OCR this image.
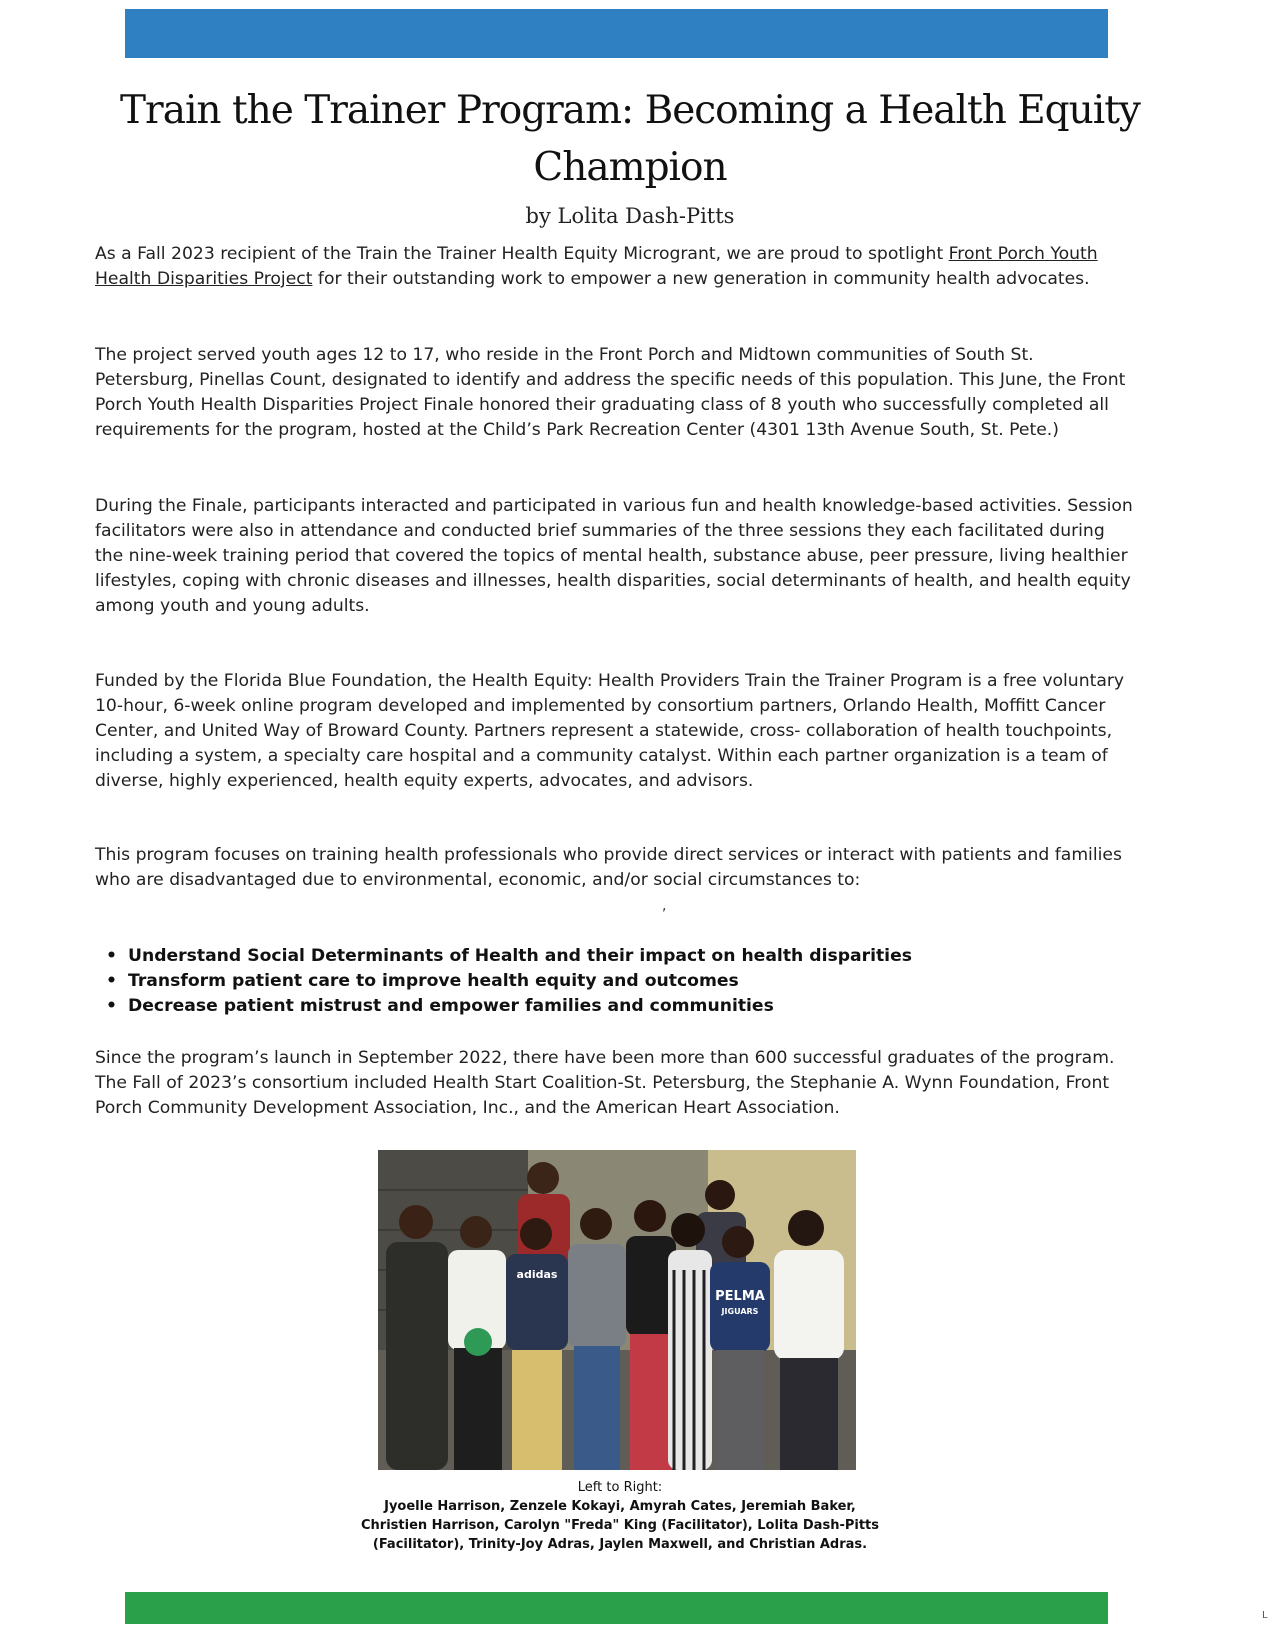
Train the Trainer Program: Becoming a Health Equity Champion
by Lolita Dash-Pitts

As a Fall 2023 recipient of the Train the Trainer Health Equity Microgrant, we are proud to spotlight Front Porch Youth Health Disparities Project for their outstanding work to empower a new generation in community health advocates.

The project served youth ages 12 to 17, who reside in the Front Porch and Midtown communities of South St. Petersburg, Pinellas Count, designated to identify and address the specific needs of this population. This June, the Front Porch Youth Health Disparities Project Finale honored their graduating class of 8 youth who successfully completed all requirements for the program, hosted at the Child’s Park Recreation Center (4301 13th Avenue South, St. Pete.)

During the Finale, participants interacted and participated in various fun and health knowledge-based activities. Session facilitators were also in attendance and conducted brief summaries of the three sessions they each facilitated during the nine-week training period that covered the topics of mental health, substance abuse, peer pressure, living healthier lifestyles, coping with chronic diseases and illnesses, health disparities, social determinants of health, and health equity among youth and young adults.

Funded by the Florida Blue Foundation, the Health Equity: Health Providers Train the Trainer Program is a free voluntary 10-hour, 6-week online program developed and implemented by consortium partners, Orlando Health, Moffitt Cancer Center, and United Way of Broward County. Partners represent a statewide, cross- collaboration of health touchpoints, including a system, a specialty care hospital and a community catalyst. Within each partner organization is a team of diverse, highly experienced, health equity experts, advocates, and advisors.

This program focuses on training health professionals who provide direct services or interact with patients and families who are disadvantaged due to environmental, economic, and/or social circumstances to:

,
• Understand Social Determinants of Health and their impact on health disparities
• Transform patient care to improve health equity and outcomes
• Decrease patient mistrust and empower families and communities

Since the program’s launch in September 2022, there have been more than 600 successful graduates of the program. The Fall of 2023’s consortium included Health Start Coalition-St. Petersburg, the Stephanie A. Wynn Foundation, Front Porch Community Development Association, Inc., and the American Heart Association.

adidas
PELMA
JIGUARS
Left to Right:
Jyoelle Harrison, Zenzele Kokayi, Amyrah Cates, Jeremiah Baker, Christien Harrison, Carolyn "Freda" King (Facilitator), Lolita Dash-Pitts (Facilitator), Trinity-Joy Adras, Jaylen Maxwell, and Christian Adras.
L
